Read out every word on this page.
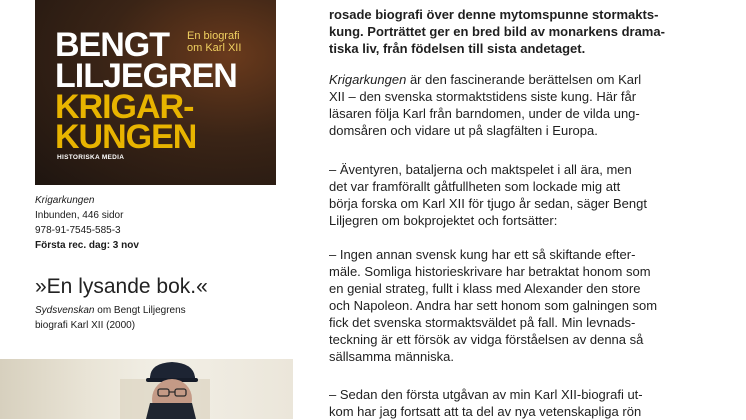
BENGT
LILJEGREN
En biografi
om Karl XII
KRIGAR-
KUNGEN
HISTORISKA MEDIA
Krigarkungen
Inbunden, 446 sidor
978-91-7545-585-3
Första rec. dag: 3 nov
»En lysande bok.«
Sydsvenskan om Bengt Liljegrens
biografi Karl XII (2000)
rosade biografi över denne mytomspunne stormakts-
kung. Porträttet ger en bred bild av monarkens drama-
tiska liv, från födelsen till sista andetaget.
Krigarkungen är den fascinerande berättelsen om Karl
XII – den svenska stormaktstidens siste kung. Här får
läsaren följa Karl från barndomen, under de vilda ung-
domsåren och vidare ut på slagfälten i Europa.
– Äventyren, bataljerna och maktspelet i all ära, men
det var framförallt gåtfullheten som lockade mig att
börja forska om Karl XII för tjugo år sedan, säger Bengt
Liljegren om bokprojektet och fortsätter:
– Ingen annan svensk kung har ett så skiftande efter-
mäle. Somliga historieskrivare har betraktat honom som
en genial strateg, fullt i klass med Alexander den store
och Napoleon. Andra har sett honom som galningen som
fick det svenska stormaktsväldet på fall. Min levnads-
teckning är ett försök av vidga förståelsen av denna så
sällsamma människa.
– Sedan den första utgåvan av min Karl XII-biografi ut-
kom har jag fortsatt att ta del av nya vetenskapliga rön
